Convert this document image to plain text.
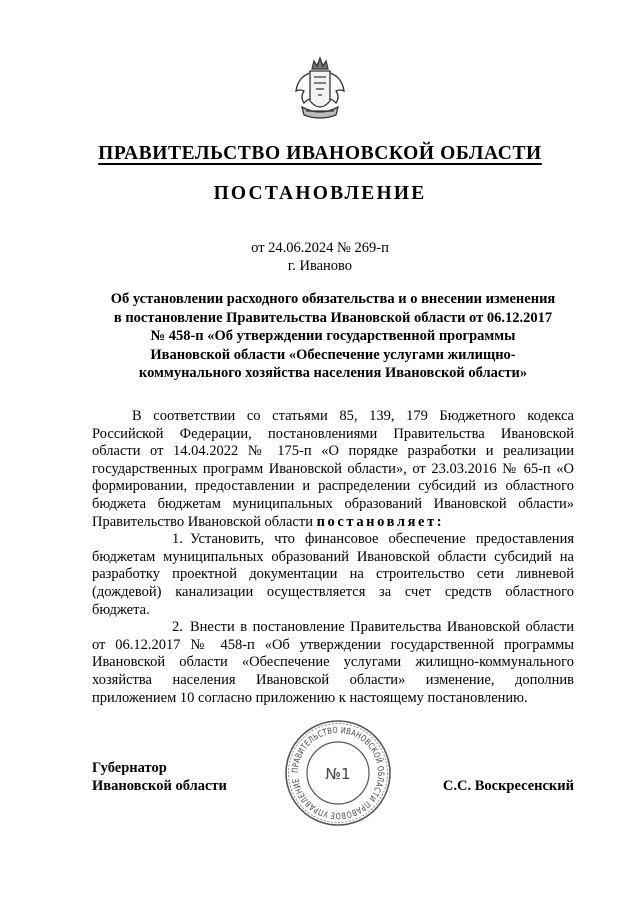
ПРАВИТЕЛЬСТВО ИВАНОВСКОЙ ОБЛАСТИ
ПОСТАНОВЛЕНИЕ
от 24.06.2024 № 269-п
г. Иваново
Об установлении расходного обязательства и о внесении изменения
в постановление Правительства Ивановской области от 06.12.2017
№ 458-п «Об утверждении государственной программы
Ивановской области «Обеспечение услугами жилищно-
коммунального хозяйства населения Ивановской области»

В соответствии со статьями 85, 139, 179 Бюджетного кодекса Российской Федерации, постановлениями Правительства Ивановской области от 14.04.2022 № 175-п «О порядке разработки и реализации государственных программ Ивановской области», от 23.03.2016 № 65-п «О формировании, предоставлении и распределении субсидий из областного бюджета бюджетам муниципальных образований Ивановской области» Правительство Ивановской области постановляет:

1. Установить, что финансовое обеспечение предоставления бюджетам муниципальных образований Ивановской области субсидий на разработку проектной документации на строительство сети ливневой (дождевой) канализации осуществляется за счет средств областного бюджета.

2. Внести в постановление Правительства Ивановской области от 06.12.2017 № 458-п «Об утверждении государственной программы Ивановской области «Обеспечение услугами жилищно-коммунального хозяйства населения Ивановской области» изменение, дополнив приложением 10 согласно приложению к настоящему постановлению.

Губернатор
Ивановской области	С.С. Воскресенский
ПРАВИТЕЛЬСТВО ИВАНОВСКОЙ ОБЛАСТИ ПРАВОВОЕ УПРАВЛЕНИЕ	№1
